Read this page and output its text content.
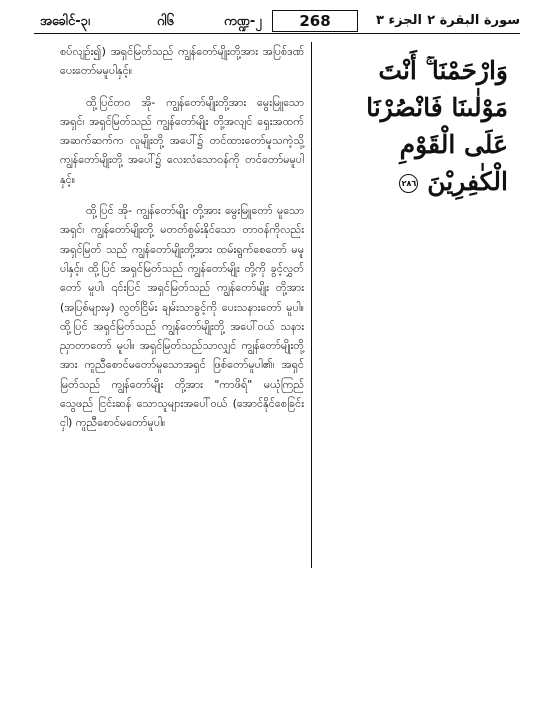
အခေါင်-၃၊	ဂါ၆	ကဏ္ဍ-၂	268	الجزء ٣ سورة البقرة ٢

စပ်လျဉ်း၍) အရှင်မြတ်သည် ကျွန်တော်မျိုးတို့အား အပြစ်ဒဏ်ပေးတော်မမူပါနှင့်။

ထို့ပြင်တဝ အို- ကျွန်တော်မျိုးတို့အား မွေးမြူသောအရှင်၊ အရှင်မြတ်သည် ကျွန်တော်မျိုး တို့အလျင် ရှေးအထက်အဆက်ဆက်က လူမျိုးတို့ အပေါ်၌ တင်ထားတော်မူသကဲ့သို့ ကျွန်တော်မျိုးတို့ အပေါ်၌ လေးလံသောဝန်ကို တင်တော်မမူပါနှင့်။

ထို့ပြင် အို- ကျွန်တော်မျိုး တို့အား မွေးမြူတော် မူသောအရှင်၊ ကျွန်တော်မျိုးတို့ မတတ်စွမ်းနိုင်သော တာဝန်ကိုလည်း အရှင်မြတ် သည် ကျွန်တော်မျိုးတို့အား ထမ်းရွက်စေတော် မမူပါနှင့်။ ထို့ပြင် အရှင်မြတ်သည် ကျွန်တော်မျိုး တို့ကို ခွင့်လွှတ်တော် မူပါ၊ ၎င်းပြင် အရှင်မြတ်သည် ကျွန်တော်မျိုး တို့အား (အပြစ်များမှ) လွတ်ငြိမ်း ချမ်းသာခွင့်ကို ပေးသနားတော် မူပါ။ ထို့ပြင် အရှင်မြတ်သည် ကျွန်တော်မျိုးတို့ အပေါ်ဝယ် သနားညှာတာတော် မူပါ။ အရှင်မြတ်သည်သာလျှင် ကျွန်တော်မျိုးတို့အား ကူညီစောင်မတော်မူသောအရှင် ဖြစ်တော်မူပါ၏၊ အရှင်မြတ်သည် ကျွန်တော်မျိုး တို့အား "ကာဖိရ်" မယုံကြည် သွေဖည် ငြင်းဆန် သောသူများအပေါ်ဝယ် (အောင်နိုင်စေခြင်းငှါ) ကူညီစောင်မတော်မူပါ။

وَارْحَمْنَا ۚ أَنْتَ مَوْلٰىنَا فَانْصُرْنَا عَلَى الْقَوْمِ الْكٰفِرِيْنَ ٢٨٦
